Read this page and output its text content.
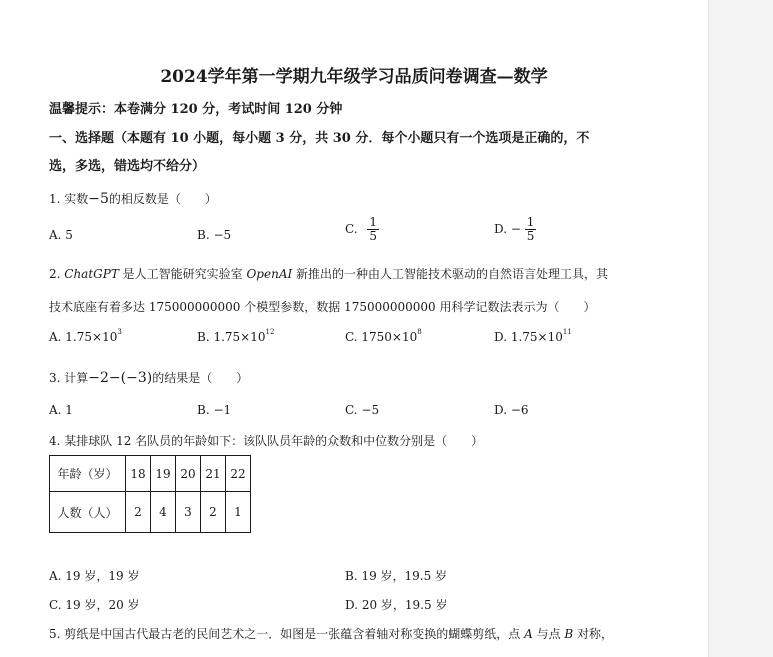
2024学年第一学期九年级学习品质问卷调查—数学
温馨提示：本卷满分 120 分，考试时间 120 分钟
一、选择题（本题有 10 小题，每小题 3 分，共 30 分．每个小题只有一个选项是正确的，不
选，多选，错选均不给分）
1. 实数−5的相反数是（　　）
A. 5	B. −5	C. $\frac{1}{5}$	D. − $\frac{1}{5}$
2. ChatGPT 是人工智能研究实验室 OpenAI 新推出的一种由人工智能技术驱动的自然语言处理工具，其
技术底座有着多达 175000000000 个模型参数，数据 175000000000 用科学记数法表示为（　　）
A. $1.75\times 10^3$	B. $1.75\times 10^{12}$	C. $1750\times 10^8$	D. $1.75\times 10^{11}$
3. 计算−2−(−3)的结果是（　　）
A. 1	B. −1	C. −5	D. −6
4. 某排球队 12 名队员的年龄如下：该队队员年龄的众数和中位数分别是（　　）
年龄（岁）	18	19	20	21	22
人数（人）	2	4	3	2	1
A. 19 岁，19 岁	B. 19 岁，19.5 岁
C. 19 岁，20 岁	D. 20 岁，19.5 岁
5. 剪纸是中国古代最古老的民间艺术之一．如图是一张蕴含着轴对称变换的蝴蝶剪纸，点 A 与点 B 对称，
